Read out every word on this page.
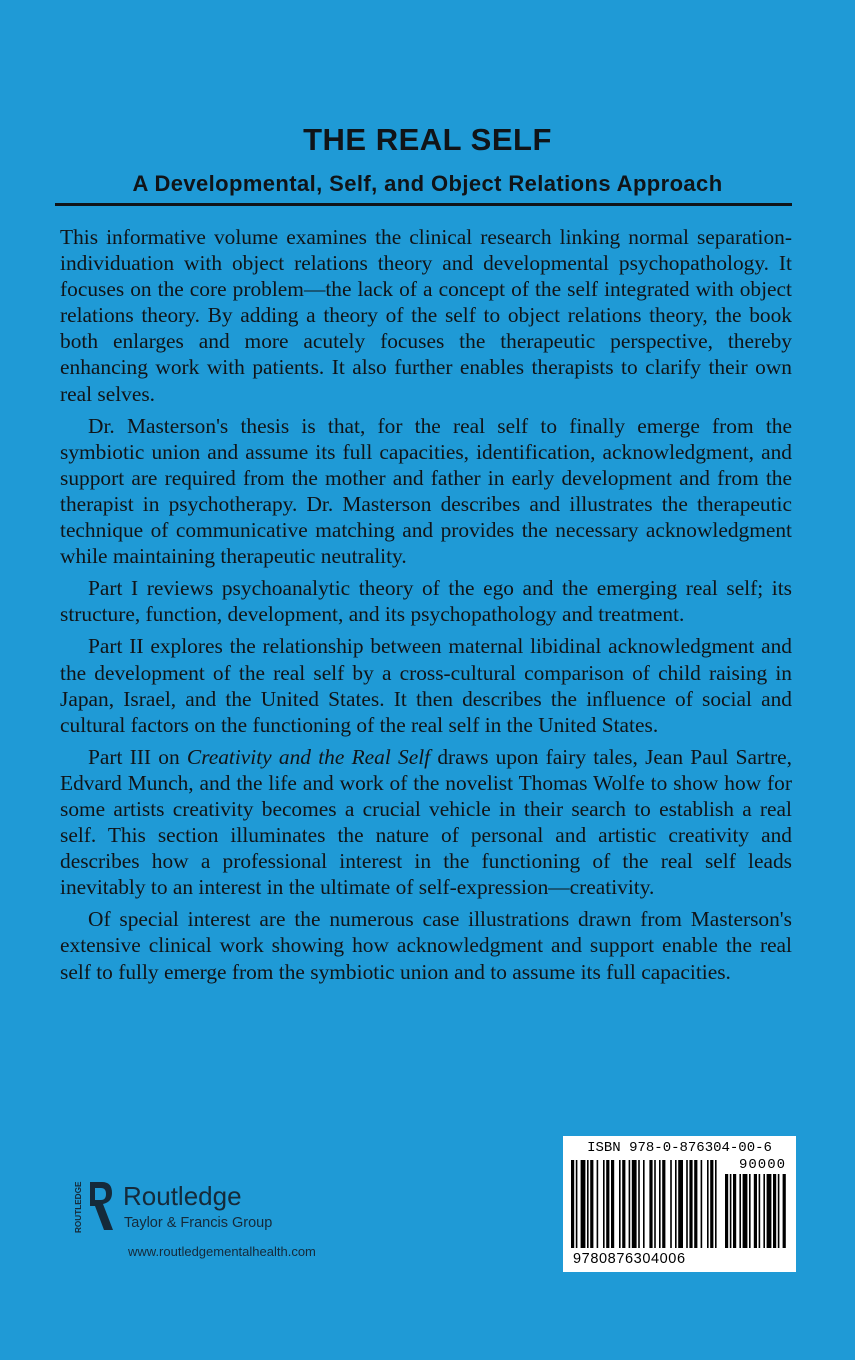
THE REAL SELF
A Developmental, Self, and Object Relations Approach

This informative volume examines the clinical research linking normal separation-individuation with object relations theory and developmental psychopathology. It focuses on the core problem—the lack of a concept of the self integrated with object relations theory. By adding a theory of the self to object relations theory, the book both enlarges and more acutely focuses the therapeutic perspective, thereby enhancing work with patients. It also further enables therapists to clarify their own real selves.

Dr. Masterson's thesis is that, for the real self to finally emerge from the symbiotic union and assume its full capacities, identification, acknowledgment, and support are required from the mother and father in early development and from the therapist in psychotherapy. Dr. Masterson describes and illustrates the therapeutic technique of communicative matching and provides the necessary acknowledgment while maintaining therapeutic neutrality.

Part I reviews psychoanalytic theory of the ego and the emerging real self; its structure, function, development, and its psychopathology and treatment.

Part II explores the relationship between maternal libidinal acknowledgment and the development of the real self by a cross-cultural comparison of child raising in Japan, Israel, and the United States. It then describes the influence of social and cultural factors on the functioning of the real self in the United States.

Part III on Creativity and the Real Self draws upon fairy tales, Jean Paul Sartre, Edvard Munch, and the life and work of the novelist Thomas Wolfe to show how for some artists creativity becomes a crucial vehicle in their search to establish a real self. This section illuminates the nature of personal and artistic creativity and describes how a professional interest in the functioning of the real self leads inevitably to an interest in the ultimate of self-expression—creativity.

Of special interest are the numerous case illustrations drawn from Masterson's extensive clinical work showing how acknowledgment and support enable the real self to fully emerge from the symbiotic union and to assume its full capacities.

ROUTLEDGE Routledge
Taylor & Francis Group
www.routledgementalhealth.com
ISBN 978-0-876304-00-6
90000
9780876304006
